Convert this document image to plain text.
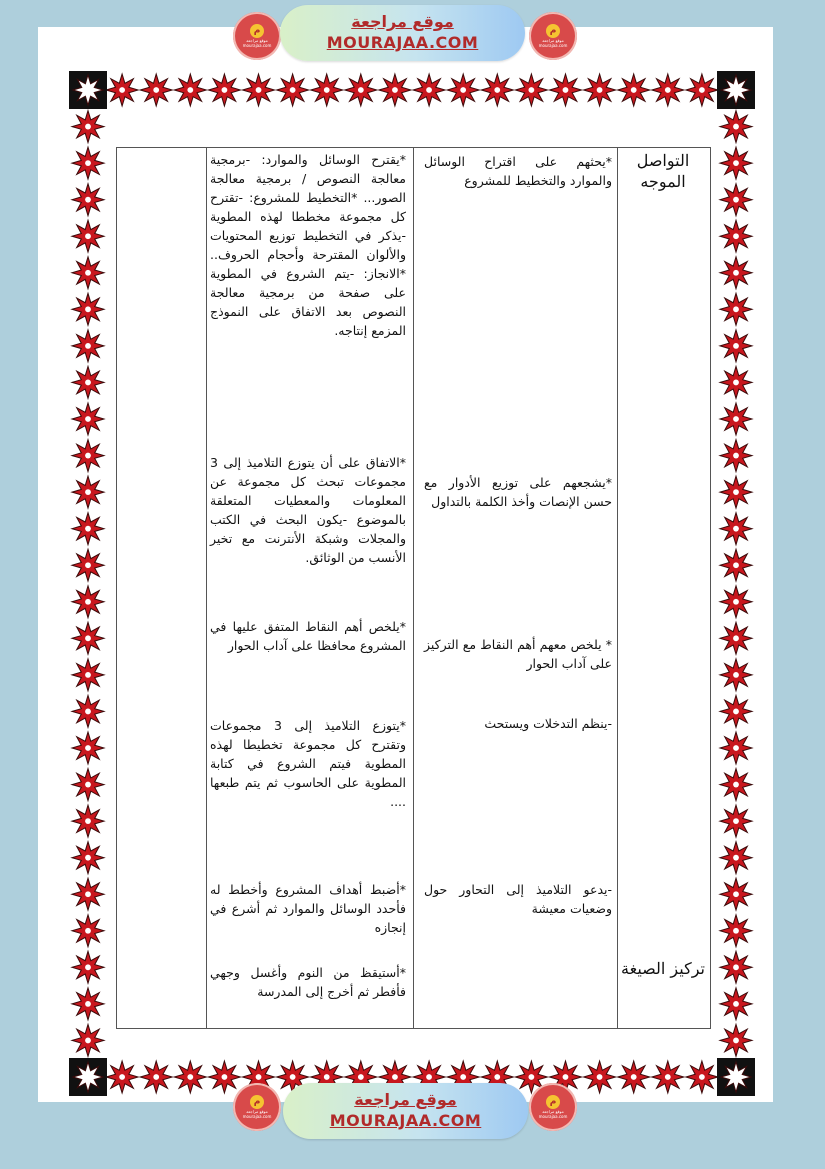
م
موقع مراجعة
mourajaa.com
موقع مراجعة
MOURAJAA.COM
م
موقع مراجعة
mourajaa.com
التواصل الموجه
تركيز الصيغة
*يحثهم على اقتراح الوسائل والموارد والتخطيط للمشروع
*يشجعهم على توزيع الأدوار مع حسن الإنصات وأخذ الكلمة بالتداول
* يلخص معهم أهم النقاط مع التركيز على آداب الحوار
-ينظم التدخلات ويستحث
-يدعو التلاميذ إلى التحاور حول وضعيات معيشة
*يقترح الوسائل والموارد: -برمجية معالجة النصوص / برمجية معالجة الصور... *التخطيط للمشروع: -تقترح كل مجموعة مخططا لهذه المطوية -يذكر في التخطيط توزيع المحتويات والألوان المقترحة وأحجام الحروف.. *الانجاز: -يتم الشروع في المطوية على صفحة من برمجية معالجة النصوص بعد الاتفاق على النموذج المزمع إنتاجه.
*الاتفاق على أن يتوزع التلاميذ إلى 3 مجموعات تبحث كل مجموعة عن المعلومات والمعطيات المتعلقة بالموضوع -يكون البحث في الكتب والمجلات وشبكة الأنترنت مع تخير الأنسب من الوثائق.
*يلخص أهم النقاط المتفق عليها في المشروع محافظا على آداب الحوار
*يتوزع التلاميذ إلى 3 مجموعات وتقترح كل مجموعة تخطيطا لهذه المطوية فيتم الشروع في كتابة المطوية على الحاسوب ثم يتم طبعها ....
*أضبط أهداف المشروع وأخطط له فأحدد الوسائل والموارد ثم أشرع في إنجازه
*أستيقظ من النوم وأغسل وجهي فأفطر ثم أخرج إلى المدرسة
م
موقع مراجعة
mourajaa.com
موقع مراجعة
MOURAJAA.COM
م
موقع مراجعة
mourajaa.com
